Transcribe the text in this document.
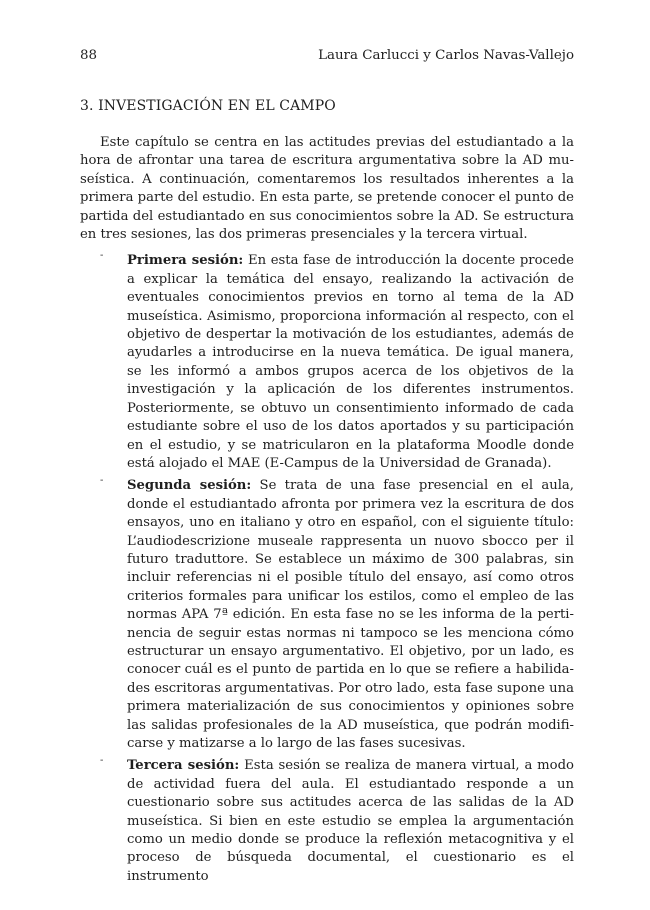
88	Laura Carlucci y Carlos Navas-Vallejo
3. INVESTIGACIÓN EN EL CAMPO

Este capítulo se centra en las actitudes previas del estudiantado a la hora de afrontar una tarea de escritura argumentativa sobre la AD museística. A continuación, comentaremos los resultados inherentes a la primera parte del estudio. En esta parte, se pretende conocer el punto de partida del estudiantado en sus conocimientos sobre la AD. Se estructura en tres sesiones, las dos primeras presenciales y la tercera virtual.

- Primera sesión: En esta fase de introducción la docente procede a explicar la temática del ensayo, realizando la activación de eventuales conocimientos previos en torno al tema de la AD museística. Asimismo, proporciona información al respecto, con el objetivo de despertar la motivación de los estudiantes, además de ayudarles a introducirse en la nueva temática. De igual manera, se les informó a ambos grupos acerca de los objetivos de la investigación y la aplicación de los diferentes instrumentos. Posteriormente, se obtuvo un consentimiento informado de cada estudiante sobre el uso de los datos aportados y su participación en el estudio, y se matricularon en la plataforma Moodle donde está alojado el MAE (E-Campus de la Universidad de Granada).
- Segunda sesión: Se trata de una fase presencial en el aula, donde el estudiantado afronta por primera vez la escritura de dos ensayos, uno en italiano y otro en español, con el siguiente título: L’audiodescrizione museale rappresenta un nuovo sbocco per il futuro traduttore. Se establece un máximo de 300 palabras, sin incluir referencias ni el posible título del ensayo, así como otros criterios formales para unificar los estilos, como el empleo de las normas APA 7ª edición. En esta fase no se les informa de la pertinencia de seguir estas normas ni tampoco se les menciona cómo estructurar un ensayo argumentativo. El objetivo, por un lado, es conocer cuál es el punto de partida en lo que se refiere a habilidades escritoras argumentativas. Por otro lado, esta fase supone una primera materialización de sus conocimientos y opiniones sobre las salidas profesionales de la AD museística, que podrán modificarse y matizarse a lo largo de las fases sucesivas.
- Tercera sesión: Esta sesión se realiza de manera virtual, a modo de actividad fuera del aula. El estudiantado responde a un cuestionario sobre sus actitudes acerca de las salidas de la AD museística. Si bien en este estudio se emplea la argumentación como un medio donde se produce la reflexión metacognitiva y el proceso de búsqueda documental, el cuestionario es el instrumento
